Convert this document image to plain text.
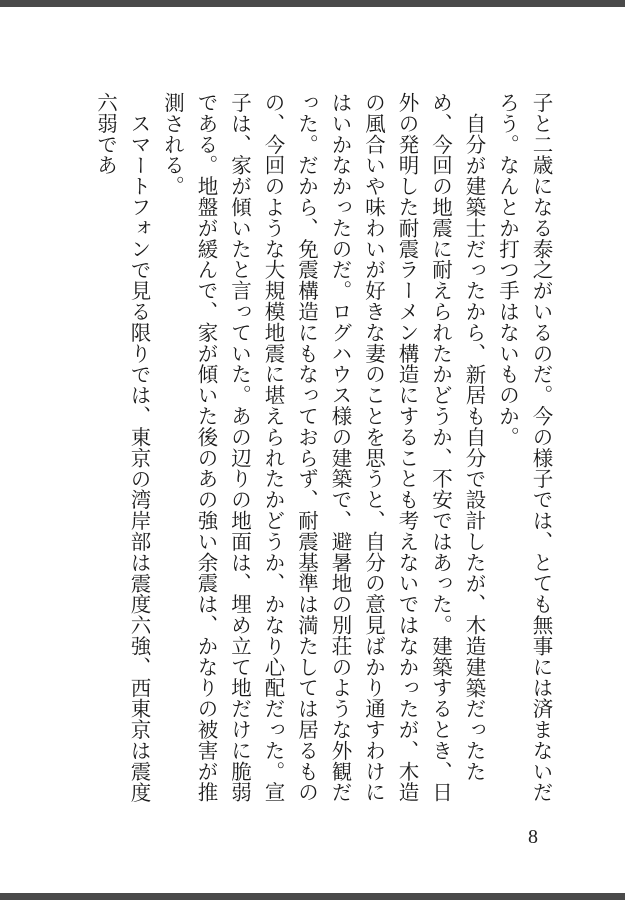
子と二歳になる泰之がいるのだ。今の様子では、とても無事には済まないだろう。なんとか打つ手はないものか。

自分が建築士だったから、新居も自分で設計したが、木造建築だったため、今回の地震に耐えられたかどうか、不安ではあった。建築するとき、日外の発明した耐震ラーメン構造にすることも考えないではなかったが、木造の風合いや味わいが好きな妻のことを思うと、自分の意見ばかり通すわけにはいかなかったのだ。ログハウス様の建築で、避暑地の別荘のような外観だった。だから、免震構造にもなっておらず、耐震基準は満たしては居るものの、今回のような大規模地震に堪えられたかどうか、かなり心配だった。宣子は、家が傾いたと言っていた。あの辺りの地面は、埋め立て地だけに脆弱である。地盤が緩んで、家が傾いた後のあの強い余震は、かなりの被害が推測される。

スマートフォンで見る限りでは、東京の湾岸部は震度六強、西東京は震度六弱であ

8
